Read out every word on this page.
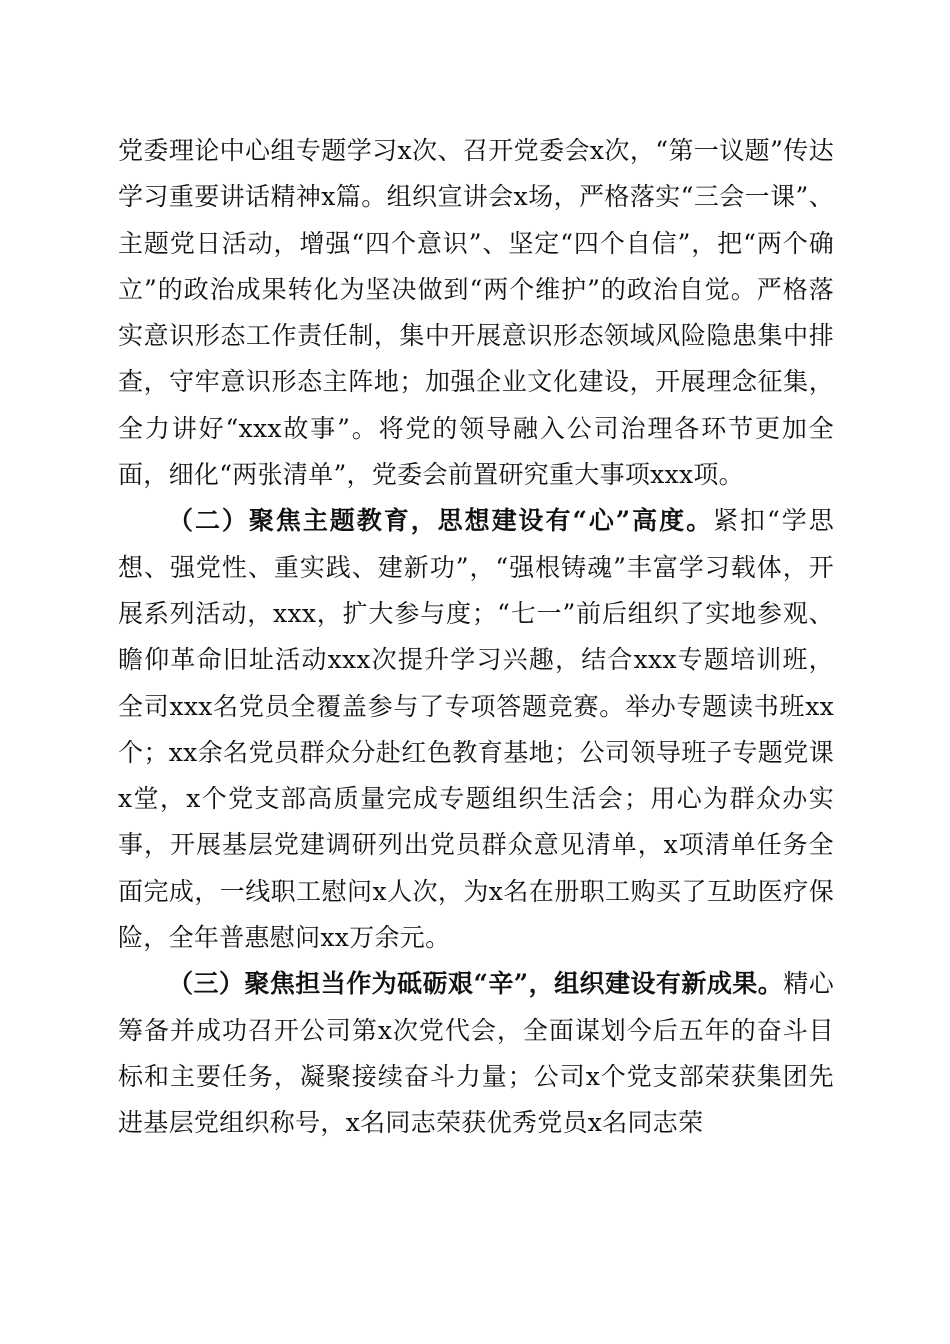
党委理论中心组专题学习x次、召开党委会x次，“第一议题”传达学习重要讲话精神x篇。组织宣讲会x场，严格落实“三会一课”、主题党日活动，增强“四个意识”、坚定“四个自信”，把“两个确立”的政治成果转化为坚决做到“两个维护”的政治自觉。严格落实意识形态工作责任制，集中开展意识形态领域风险隐患集中排查，守牢意识形态主阵地；加强企业文化建设，开展理念征集，全力讲好“xxx故事”。将党的领导融入公司治理各环节更加全面，细化“两张清单”，党委会前置研究重大事项xxx项。

（二）聚焦主题教育，思想建设有“心”高度。紧扣“学思想、强党性、重实践、建新功”，“强根铸魂”丰富学习载体，开展系列活动，xxx，扩大参与度；“七一”前后组织了实地参观、瞻仰革命旧址活动xxx次提升学习兴趣，结合xxx专题培训班，全司xxx名党员全覆盖参与了专项答题竞赛。举办专题读书班xx个；xx余名党员群众分赴红色教育基地；公司领导班子专题党课x堂，x个党支部高质量完成专题组织生活会；用心为群众办实事，开展基层党建调研列出党员群众意见清单，x项清单任务全面完成，一线职工慰问x人次，为x名在册职工购买了互助医疗保险，全年普惠慰问xx万余元。

（三）聚焦担当作为砥砺艰“辛”，组织建设有新成果。精心筹备并成功召开公司第x次党代会，全面谋划今后五年的奋斗目标和主要任务，凝聚接续奋斗力量；公司x个党支部荣获集团先进基层党组织称号，x名同志荣获优秀党员x名同志荣
